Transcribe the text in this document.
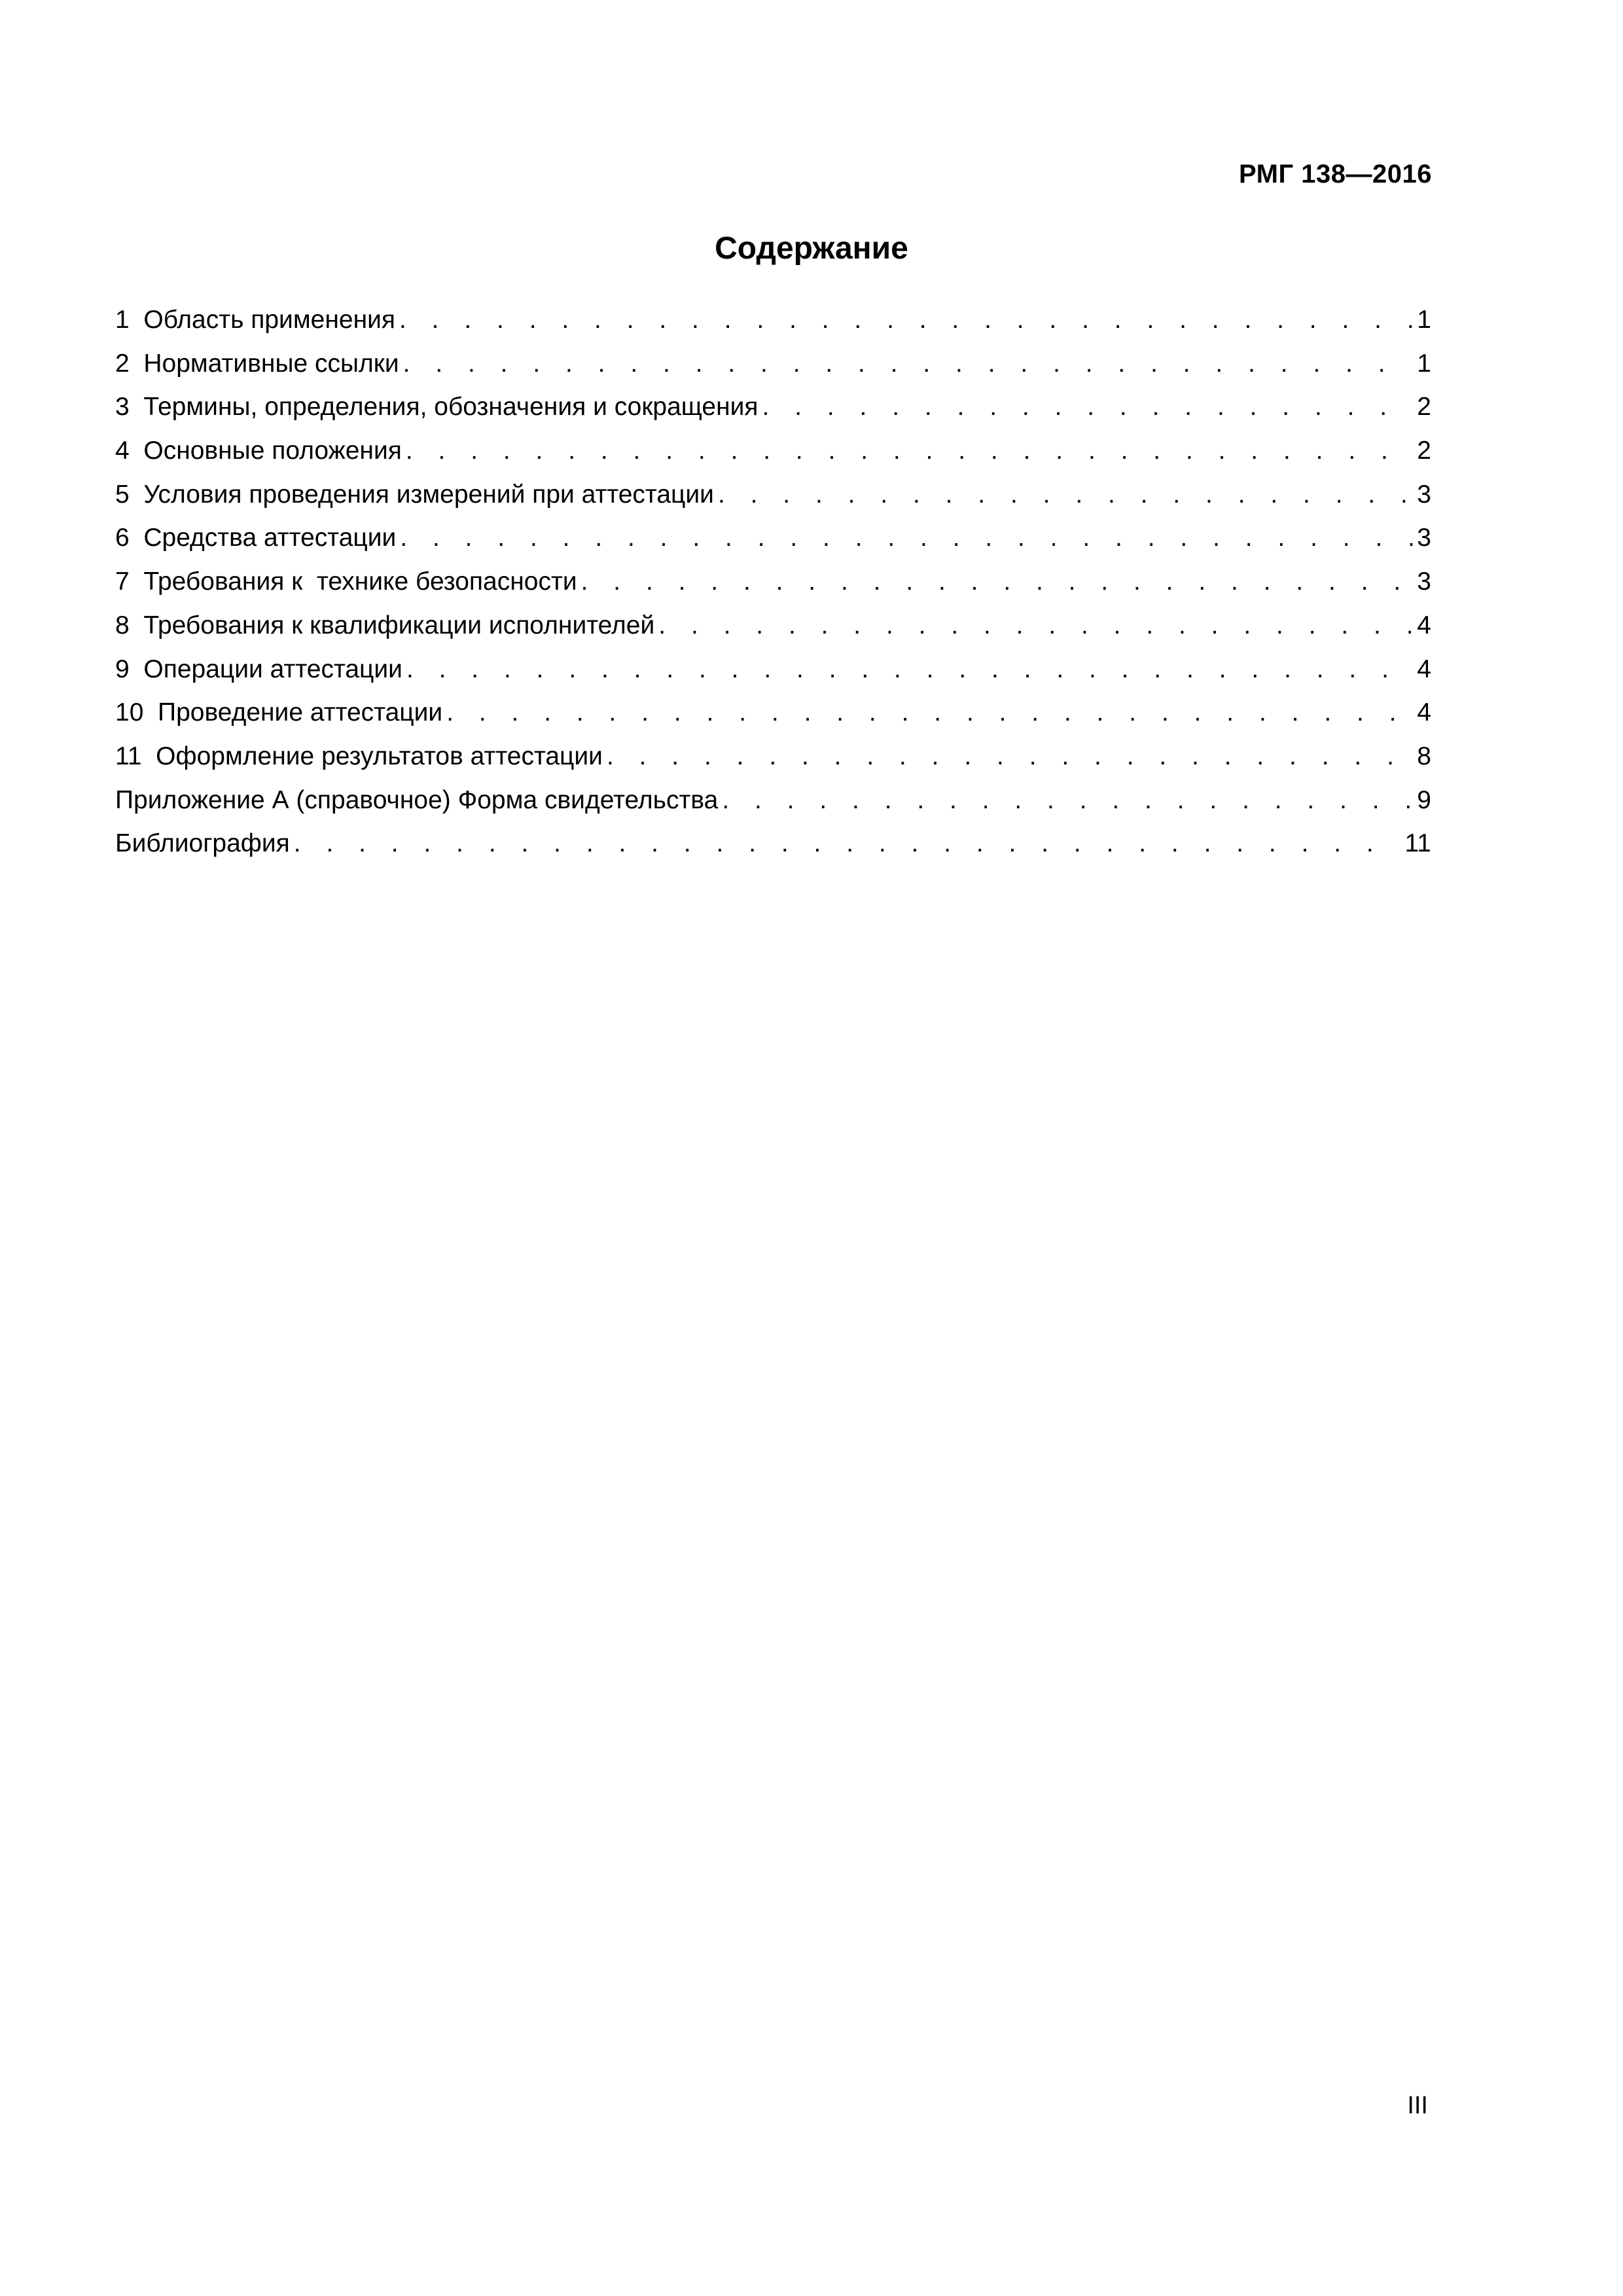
РМГ 138—2016
Содержание
1  Область применения . . .	1
2  Нормативные ссылки . . .	1
3  Термины, определения, обозначения и сокращения . . .	2
4  Основные положения . . .	2
5  Условия проведения измерений при аттестации . . .	3
6  Средства аттестации . . .	3
7  Требования к  технике безопасности . . .	3
8  Требования к квалификации исполнителей . . .	4
9  Операции аттестации . . .	4
10  Проведение аттестации . . .	4
11  Оформление результатов аттестации . . .	8
Приложение А (справочное) Форма свидетельства . . .	9
Библиография . . .	11
III
